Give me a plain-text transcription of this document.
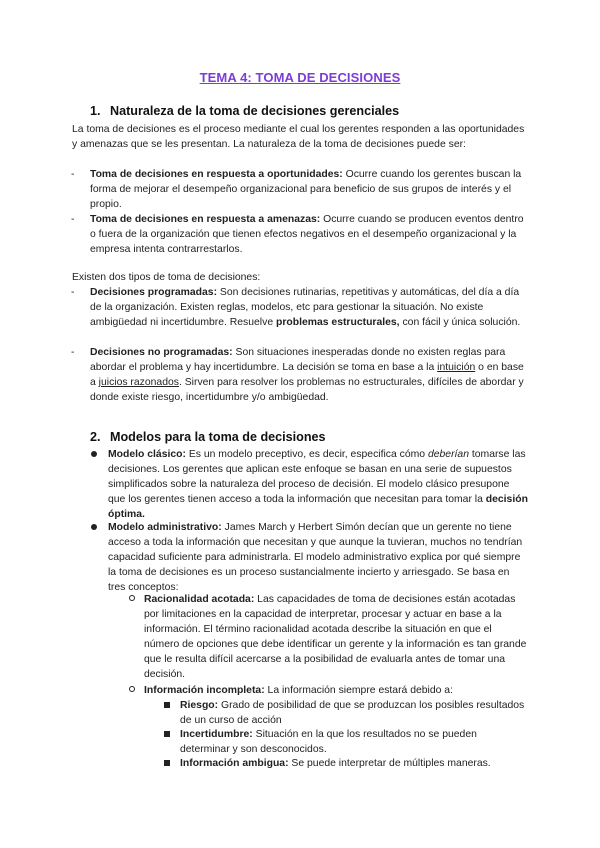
TEMA 4: TOMA DE DECISIONES
1. Naturaleza de la toma de decisiones gerenciales

La toma de decisiones es el proceso mediante el cual los gerentes responden a las oportunidades y amenazas que se les presentan. La naturaleza de la toma de decisiones puede ser:

- Toma de decisiones en respuesta a oportunidades: Ocurre cuando los gerentes buscan la forma de mejorar el desempeño organizacional para beneficio de sus grupos de interés y el propio.
- Toma de decisiones en respuesta a amenazas: Ocurre cuando se producen eventos dentro o fuera de la organización que tienen efectos negativos en el desempeño organizacional y la empresa intenta contrarrestarlos.

Existen dos tipos de toma de decisiones:

- Decisiones programadas: Son decisiones rutinarias, repetitivas y automáticas, del día a día de la organización. Existen reglas, modelos, etc para gestionar la situación. No existe ambigüedad ni incertidumbre. Resuelve problemas estructurales, con fácil y única solución.
- Decisiones no programadas: Son situaciones inesperadas donde no existen reglas para abordar el problema y hay incertidumbre. La decisión se toma en base a la intuición o en base a juicios razonados. Sirven para resolver los problemas no estructurales, difíciles de abordar y donde existe riesgo, incertidumbre y/o ambigüedad.
2. Modelos para la toma de decisiones
Modelo clásico: Es un modelo preceptivo, es decir, especifica cómo deberían tomarse las decisiones. Los gerentes que aplican este enfoque se basan en una serie de supuestos simplificados sobre la naturaleza del proceso de decisión. El modelo clásico presupone que los gerentes tienen acceso a toda la información que necesitan para tomar la decisión óptima.
Modelo administrativo: James March y Herbert Simón decían que un gerente no tiene acceso a toda la información que necesitan y que aunque la tuvieran, muchos no tendrían capacidad suficiente para administrarla. El modelo administrativo explica por qué siempre la toma de decisiones es un proceso sustancialmente incierto y arriesgado. Se basa en tres conceptos:
Racionalidad acotada: Las capacidades de toma de decisiones están acotadas por limitaciones en la capacidad de interpretar, procesar y actuar en base a la información. El término racionalidad acotada describe la situación en que el número de opciones que debe identificar un gerente y la información es tan grande que le resulta difícil acercarse a la posibilidad de evaluarla antes de tomar una decisión.
Información incompleta: La información siempre estará debido a:
Riesgo: Grado de posibilidad de que se produzcan los posibles resultados de un curso de acción
Incertidumbre: Situación en la que los resultados no se pueden determinar y son desconocidos.
Información ambigua: Se puede interpretar de múltiples maneras.
